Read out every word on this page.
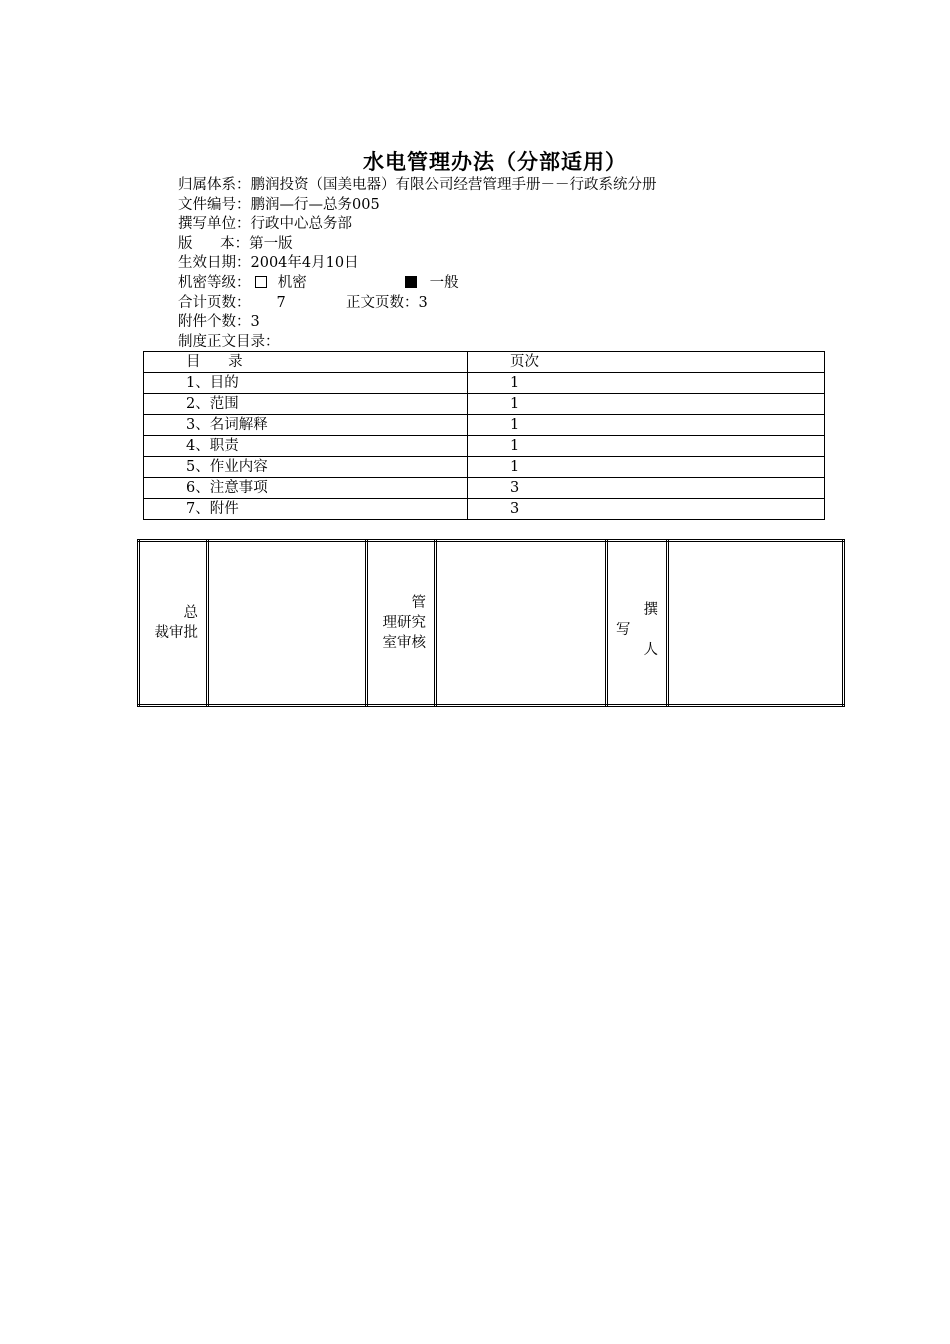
水电管理办法（分部适用）
归属体系：鹏润投资（国美电器）有限公司经营管理手册－－行政系统分册
文件编号：鹏润—行—总务005
撰写单位：行政中心总务部
版      本：第一版
生效日期：2004年4月10日
机密等级： 机密	一般
合计页数： 7	正文页数：3
附件个数：3
制度正文目录：
目      录	页次
1、目的	1
2、范围	1
3、名词解释	1
4、职责	1
5、作业内容	1
6、注意事项	3
7、附件	3
总
裁审批

管
理研究
室审核

撰
写
人
